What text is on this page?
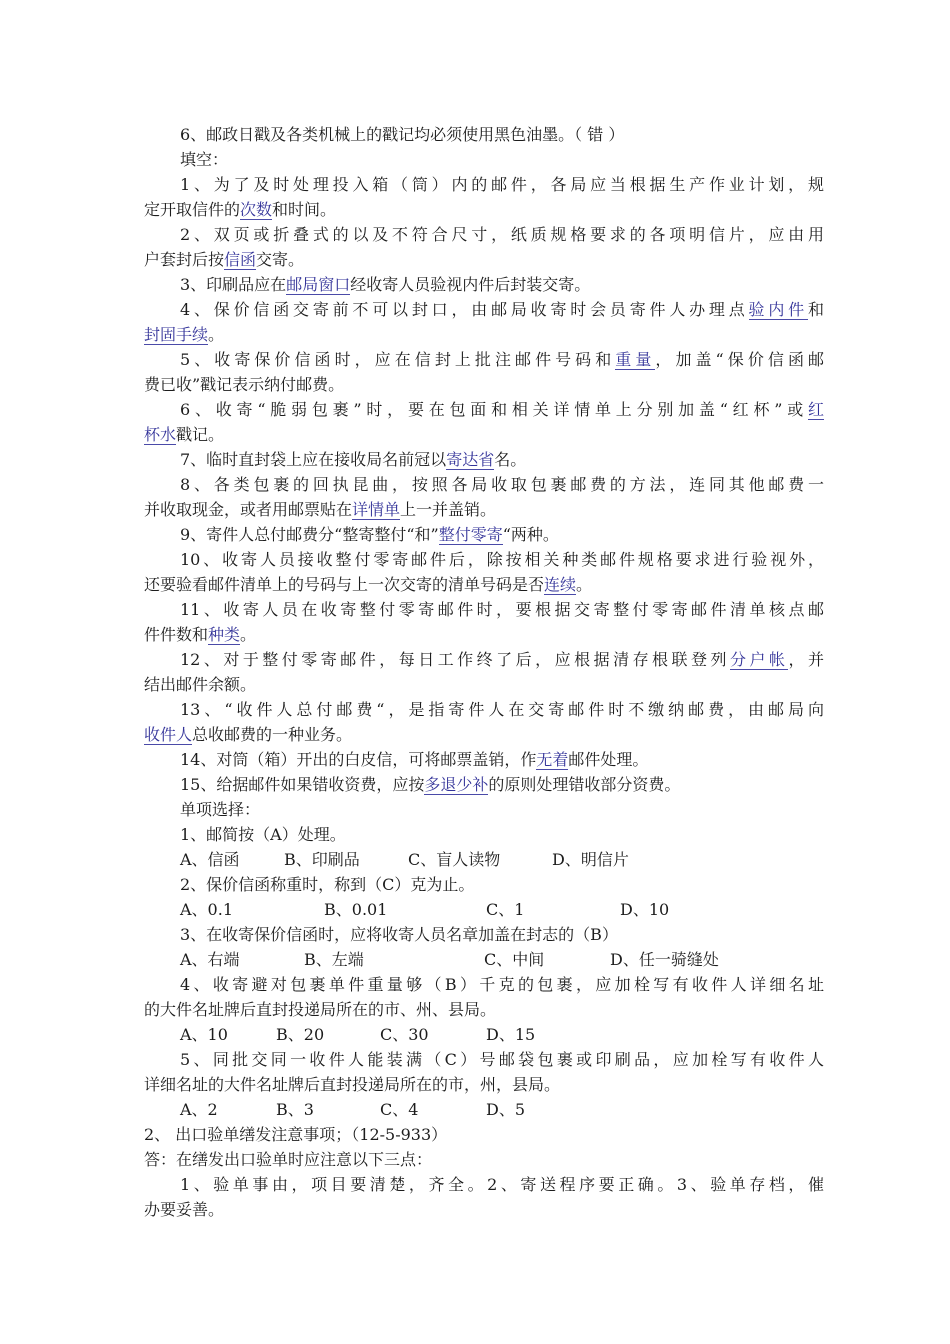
6、邮政日戳及各类机械上的戳记均必须使用黑色油墨。（ 错 ）
填空：
1、为了及时处理投入箱（筒）内的邮件，各局应当根据生产作业计划，规
定开取信件的次数和时间。
2、双页或折叠式的以及不符合尺寸，纸质规格要求的各项明信片，应由用
户套封后按信函交寄。
3、印刷品应在邮局窗口经收寄人员验视内件后封装交寄。
4、保价信函交寄前不可以封口，由邮局收寄时会员寄件人办理点验内件和
封固手续。
5、收寄保价信函时，应在信封上批注邮件号码和重量，加盖“保价信函邮
费已收”戳记表示纳付邮费。
6、收寄“脆弱包裹”时，要在包面和相关详情单上分别加盖“红杯”或红
杯水戳记。
7、临时直封袋上应在接收局名前冠以寄达省名。
8、各类包裹的回执昆曲，按照各局收取包裹邮费的方法，连同其他邮费一
并收取现金，或者用邮票贴在详情单上一并盖销。
9、寄件人总付邮费分“整寄整付“和”整付零寄“两种。
10、收寄人员接收整付零寄邮件后，除按相关种类邮件规格要求进行验视外，
还要验看邮件清单上的号码与上一次交寄的清单号码是否连续。
11、收寄人员在收寄整付零寄邮件时，要根据交寄整付零寄邮件清单核点邮
件件数和种类。
12、对于整付零寄邮件，每日工作终了后，应根据清存根联登列分户帐，并
结出邮件余额。
13、“收件人总付邮费“，是指寄件人在交寄邮件时不缴纳邮费，由邮局向
收件人总收邮费的一种业务。
14、对筒（箱）开出的白皮信，可将邮票盖销，作无着邮件处理。
15、给据邮件如果错收资费，应按多退少补的原则处理错收部分资费。
单项选择：
1、邮简按（A）处理。
A、信函	B、印刷品	C、盲人读物	D、明信片
2、保价信函称重时，称到（C）克为止。
A、0.1	B、0.01	C、1	D、10
3、在收寄保价信函时，应将收寄人员名章加盖在封志的（B）
A、右端	B、左端	C、中间	D、任一骑缝处
4、收寄避对包裹单件重量够（B）千克的包裹，应加栓写有收件人详细名址
的大件名址牌后直封投递局所在的市、州、县局。
A、10	B、20	C、30	D、15
5、同批交同一收件人能装满（C）号邮袋包裹或印刷品，应加栓写有收件人
详细名址的大件名址牌后直封投递局所在的市，州，县局。
A、2	B、3	C、4	D、5
2、 出口验单缮发注意事项；（12-5-933）
答：在缮发出口验单时应注意以下三点：
1、验单事由，项目要清楚，齐全。2、寄送程序要正确。3、验单存档，催
办要妥善。
